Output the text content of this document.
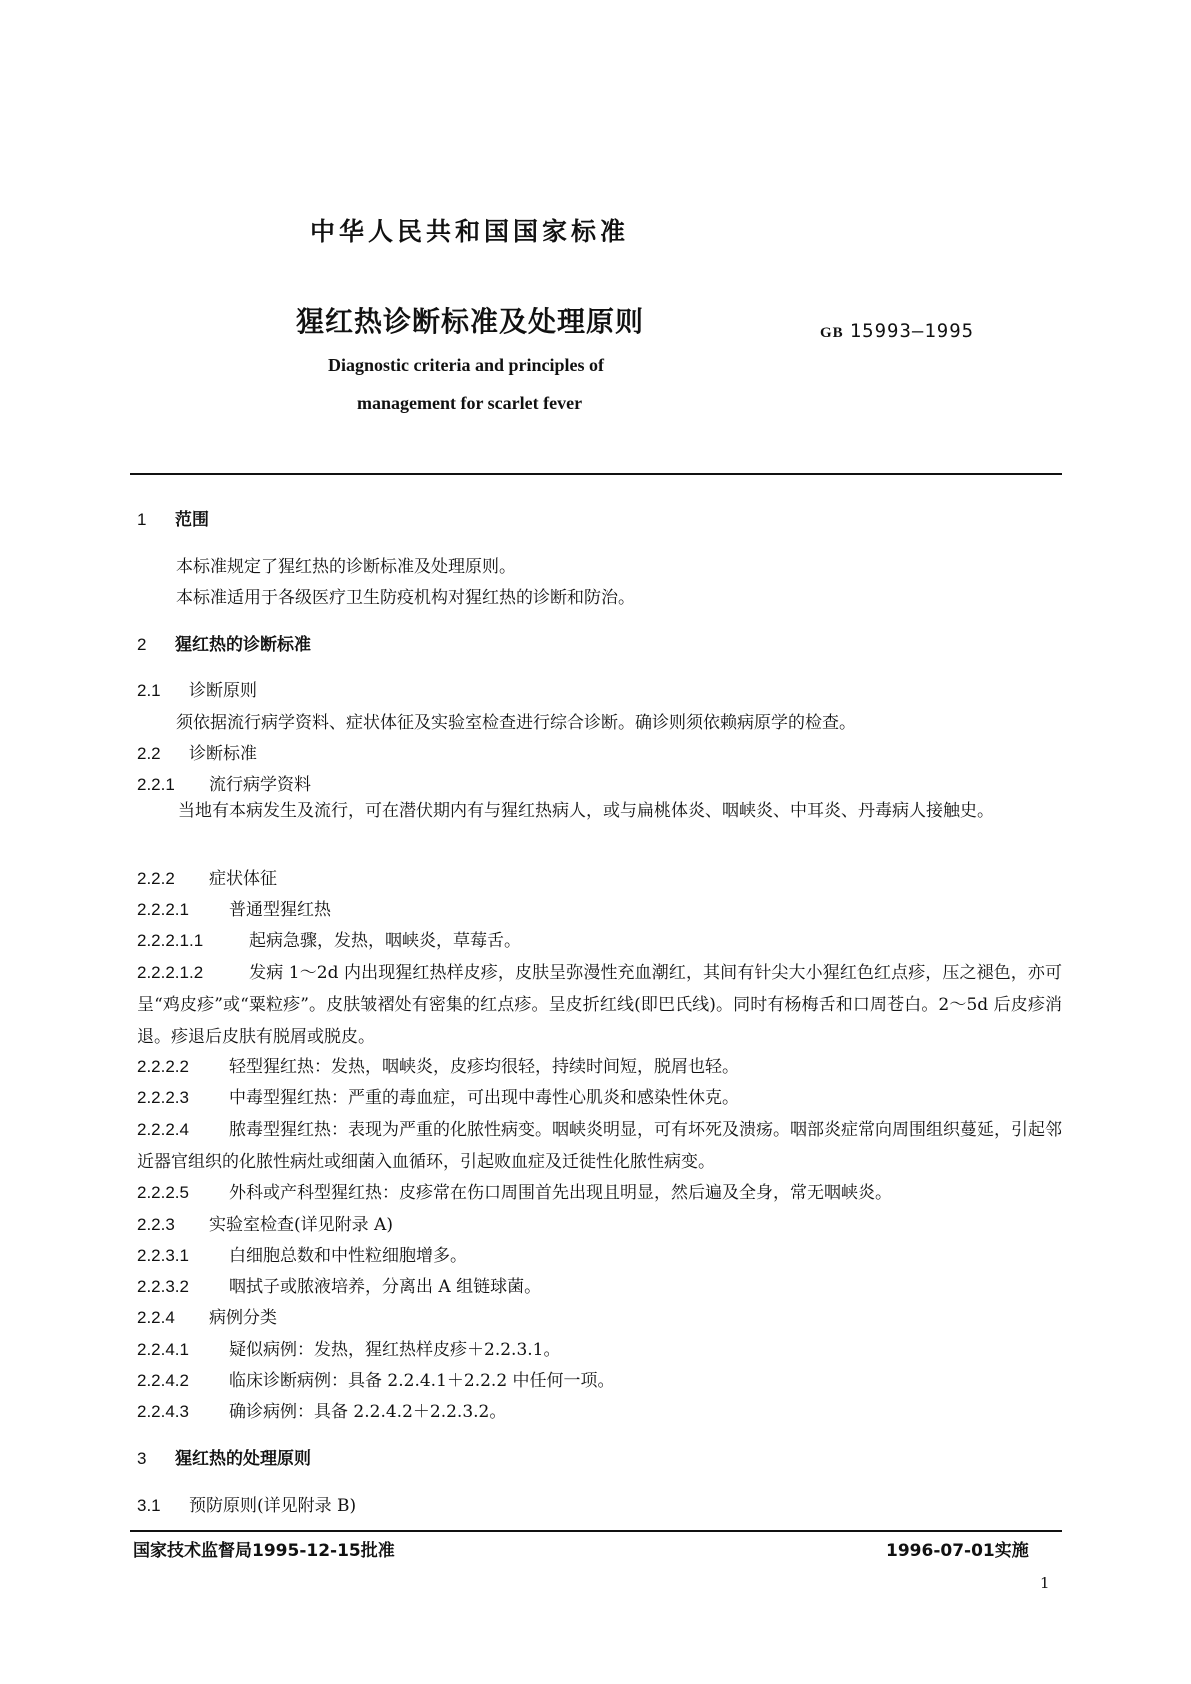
中华人民共和国国家标准
猩红热诊断标准及处理原则	GB 15993—1995
Diagnostic criteria and principles of
management for scarlet fever
1 范围
本标准规定了猩红热的诊断标准及处理原则。
本标准适用于各级医疗卫生防疫机构对猩红热的诊断和防治。
2 猩红热的诊断标准
2.1 诊断原则
须依据流行病学资料、症状体征及实验室检查进行综合诊断。确诊则须依赖病原学的检查。
2.2 诊断标准
2.2.1 流行病学资料
当地有本病发生及流行，可在潜伏期内有与猩红热病人，或与扁桃体炎、咽峡炎、中耳炎、丹毒病人接触史。
2.2.2 症状体征
2.2.2.1 普通型猩红热
2.2.2.1.1	起病急骤，发热，咽峡炎，草莓舌。
2.2.2.1.2	发病 1～2d 内出现猩红热样皮疹，皮肤呈弥漫性充血潮红，其间有针尖大小猩红色红点疹，压之褪色，亦可呈“鸡皮疹”或“粟粒疹”。皮肤皱褶处有密集的红点疹。呈皮折红线(即巴氏线)。同时有杨梅舌和口周苍白。2～5d 后皮疹消退。疹退后皮肤有脱屑或脱皮。
2.2.2.2 轻型猩红热：发热，咽峡炎，皮疹均很轻，持续时间短，脱屑也轻。
2.2.2.3 中毒型猩红热：严重的毒血症，可出现中毒性心肌炎和感染性休克。
2.2.2.4 脓毒型猩红热：表现为严重的化脓性病变。咽峡炎明显，可有坏死及溃疡。咽部炎症常向周围组织蔓延，引起邻近器官组织的化脓性病灶或细菌入血循环，引起败血症及迁徙性化脓性病变。
2.2.2.5 外科或产科型猩红热：皮疹常在伤口周围首先出现且明显，然后遍及全身，常无咽峡炎。
2.2.3 实验室检查(详见附录 A)
2.2.3.1 白细胞总数和中性粒细胞增多。
2.2.3.2 咽拭子或脓液培养，分离出 A 组链球菌。
2.2.4 病例分类
2.2.4.1 疑似病例：发热，猩红热样皮疹＋2.2.3.1。
2.2.4.2 临床诊断病例：具备 2.2.4.1＋2.2.2 中任何一项。
2.2.4.3 确诊病例：具备 2.2.4.2＋2.2.3.2。
3 猩红热的处理原则
3.1 预防原则(详见附录 B)
国家技术监督局1995-12-15批准	1996-07-01实施
1
